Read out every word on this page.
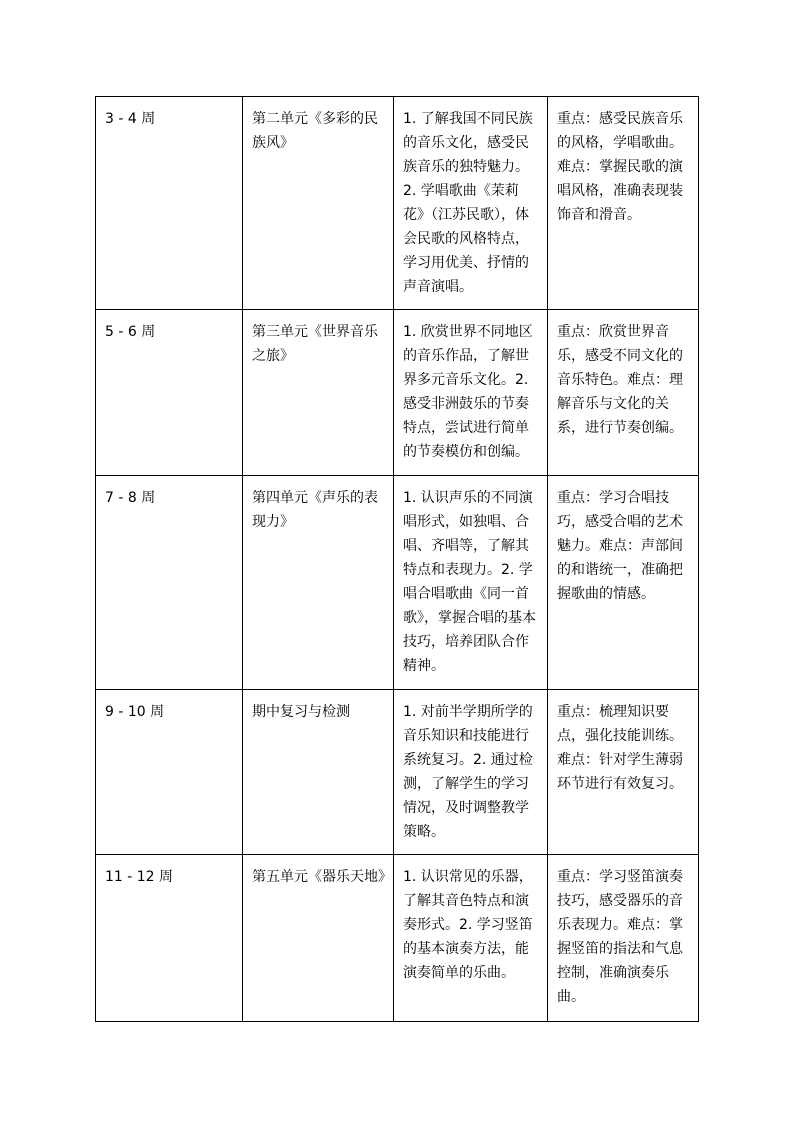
3 - 4 周	第二单元《多彩的民族风》	1. 了解我国不同民族的音乐文化，感受民族音乐的独特魅力。 2. 学唱歌曲《茉莉花》（江苏民歌），体会民歌的风格特点，学习用优美、抒情的声音演唱。	重点：感受民族音乐的风格，学唱歌曲。难点：掌握民歌的演唱风格，准确表现装饰音和滑音。
5 - 6 周	第三单元《世界音乐之旅》	1. 欣赏世界不同地区的音乐作品，了解世界多元音乐文化。2. 感受非洲鼓乐的节奏特点，尝试进行简单的节奏模仿和创编。	重点：欣赏世界音乐，感受不同文化的音乐特色。难点：理解音乐与文化的关系，进行节奏创编。
7 - 8 周	第四单元《声乐的表现力》	1. 认识声乐的不同演唱形式，如独唱、合唱、齐唱等，了解其特点和表现力。2. 学唱合唱歌曲《同一首歌》，掌握合唱的基本技巧，培养团队合作精神。	重点：学习合唱技巧，感受合唱的艺术魅力。难点：声部间的和谐统一，准确把握歌曲的情感。
9 - 10 周	期中复习与检测	1. 对前半学期所学的音乐知识和技能进行系统复习。2. 通过检测，了解学生的学习情况，及时调整教学策略。	重点：梳理知识要点，强化技能训练。难点：针对学生薄弱环节进行有效复习。
11 - 12 周	第五单元《器乐天地》	1. 认识常见的乐器，了解其音色特点和演奏形式。2. 学习竖笛的基本演奏方法，能演奏简单的乐曲。	重点：学习竖笛演奏技巧，感受器乐的音乐表现力。难点：掌握竖笛的指法和气息控制，准确演奏乐曲。
